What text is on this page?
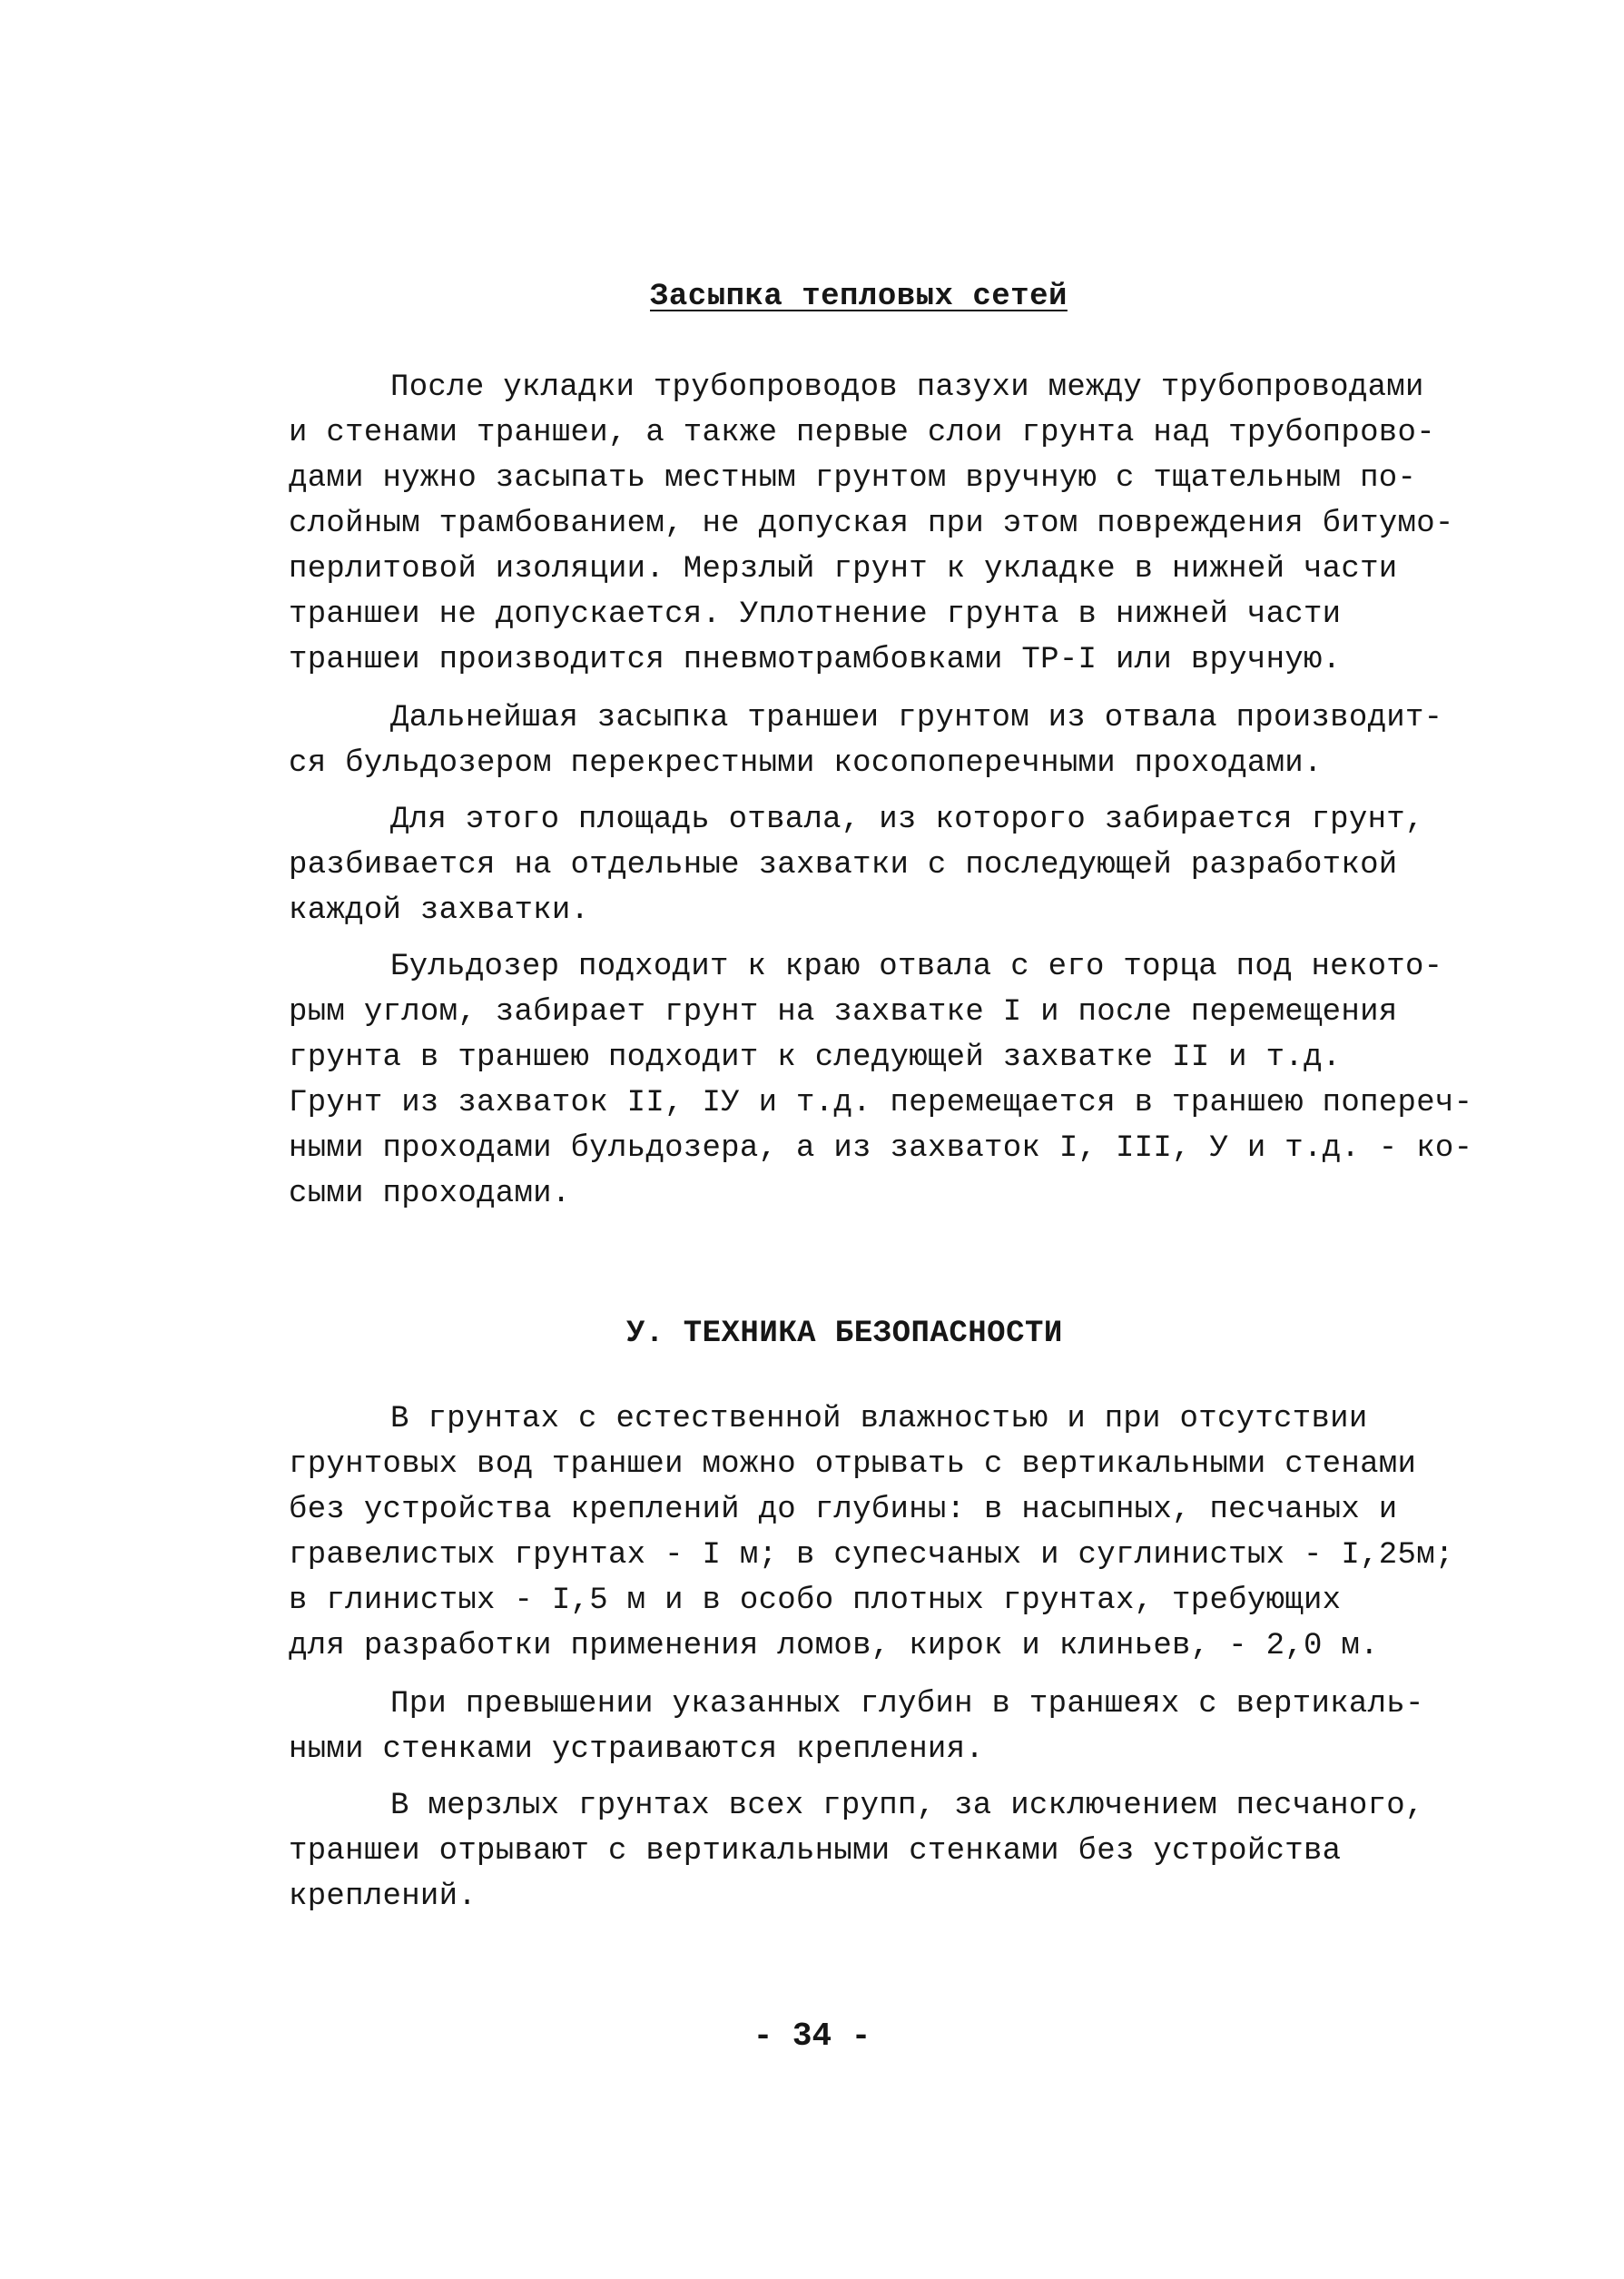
Засыпка тепловых сетей
После укладки трубопроводов пазухи между трубопроводами
и стенами траншеи, а также первые слои грунта над трубопрово-
дами нужно засыпать местным грунтом вручную с тщательным по-
слойным трамбованием, не допуская при этом повреждения битумо-
перлитовой изоляции. Мерзлый грунт к укладке в нижней части
траншеи не допускается. Уплотнение грунта в нижней части
траншеи производится пневмотрамбовками ТР-I или вручную.
Дальнейшая засыпка траншеи грунтом из отвала производит-
ся бульдозером перекрестными косопоперечными проходами.
Для этого площадь отвала, из которого забирается грунт,
разбивается на отдельные захватки с последующей разработкой
каждой захватки.
Бульдозер подходит к краю отвала с его торца под некото-
рым углом, забирает грунт на захватке I и после перемещения
грунта в траншею подходит к следующей захватке II и т.д.
Грунт из захваток II, IУ и т.д. перемещается в траншею попереч-
ными проходами бульдозера, а из захваток I, III, У и т.д. - ко-
сыми проходами.
У. ТЕХНИКА БЕЗОПАСНОСТИ
В грунтах с естественной влажностью и при отсутствии
грунтовых вод траншеи можно отрывать с вертикальными стенами
без устройства креплений до глубины: в насыпных, песчаных и
гравелистых грунтах - I м; в супесчаных и суглинистых - I,25м;
в глинистых - I,5 м и в особо плотных грунтах, требующих
для разработки применения ломов, кирок и клиньев, - 2,0 м.
При превышении указанных глубин в траншеях с вертикаль-
ными стенками устраиваются крепления.
В мерзлых грунтах всех групп, за исключением песчаного,
траншеи отрывают с вертикальными стенками без устройства
креплений.
- 34 -
